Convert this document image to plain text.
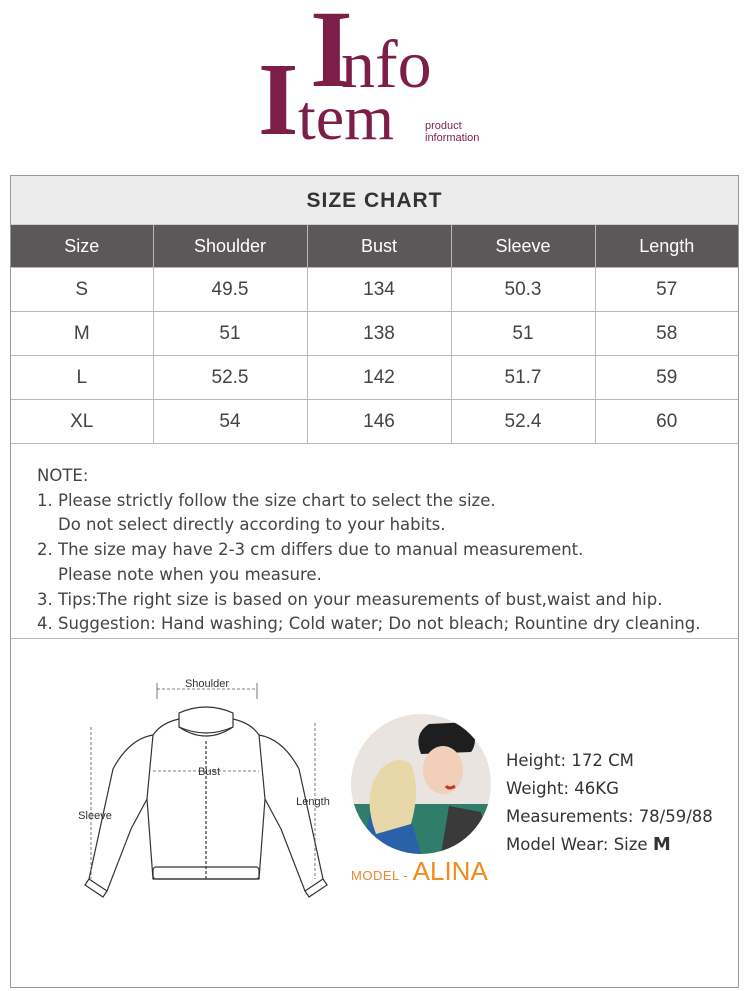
I
nfo
I tem	product
information
SIZE CHART
Size	Shoulder	Bust	Sleeve	Length
S	49.5	134	50.3	57
M	51	138	51	58
L	52.5	142	51.7	59
XL	54	146	52.4	60
NOTE:
1. Please strictly follow the size chart to select the size.
Do not select directly according to your habits.
2. The size may have 2-3 cm differs due to manual measurement.
Please note when you measure.
3. Tips:The right size is based on your measurements of bust,waist and hip.
4. Suggestion: Hand washing; Cold water; Do not bleach; Rountine dry cleaning.
Shoulder
Bust
Length
Sleeve
MODEL - ALINA
Height: 172 CM
Weight: 46KG
Measurements: 78/59/88
Model Wear: Size M
